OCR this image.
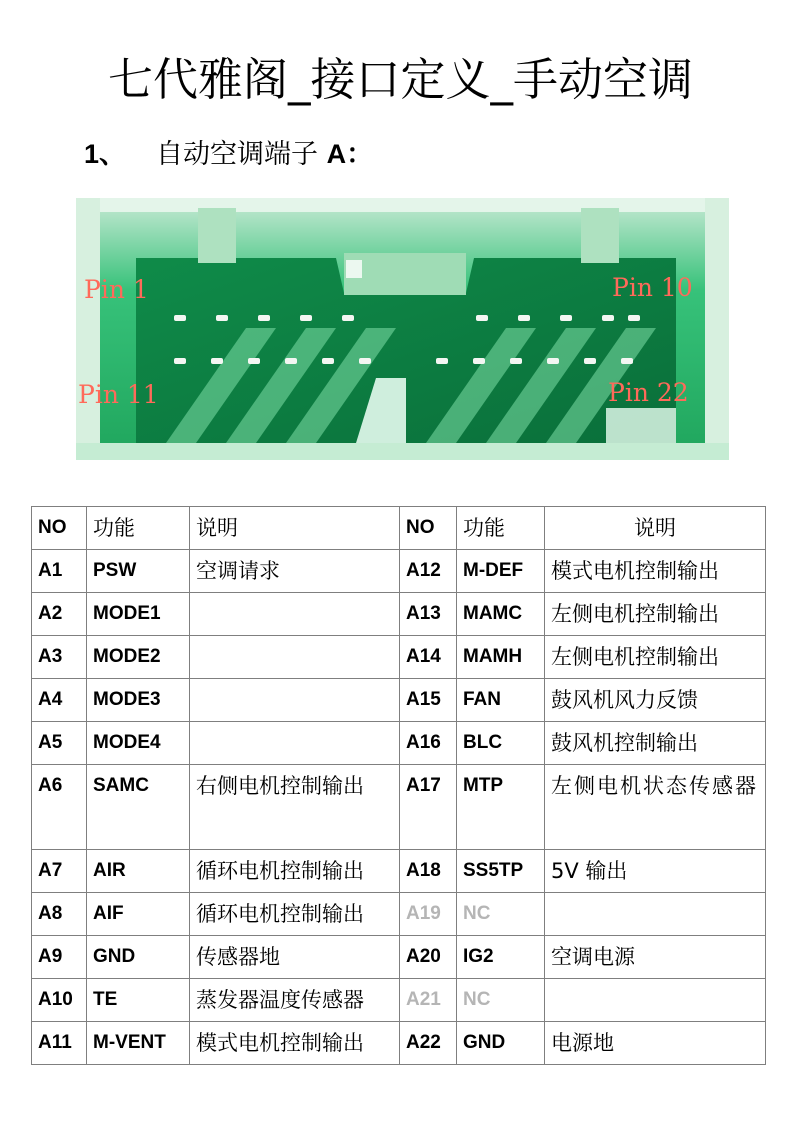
七代雅阁_接口定义_手动空调
1、 自动空调端子 A：
Pin 1	Pin 10
Pin 11	Pin 22
NO	功能	说明	NO	功能	说明
A1	PSW	空调请求	A12	M-DEF	模式电机控制输出
A2	MODE1		A13	MAMC	左侧电机控制输出
A3	MODE2		A14	MAMH	左侧电机控制输出
A4	MODE3		A15	FAN	鼓风机风力反馈
A5	MODE4		A16	BLC	鼓风机控制输出
A6	SAMC	右侧电机控制输出	A17	MTP	左侧电机状态传感器
A7	AIR	循环电机控制输出	A18	SS5TP	5V 输出
A8	AIF	循环电机控制输出	A19	NC	
A9	GND	传感器地	A20	IG2	空调电源
A10	TE	蒸发器温度传感器	A21	NC	
A11	M-VENT	模式电机控制输出	A22	GND	电源地
